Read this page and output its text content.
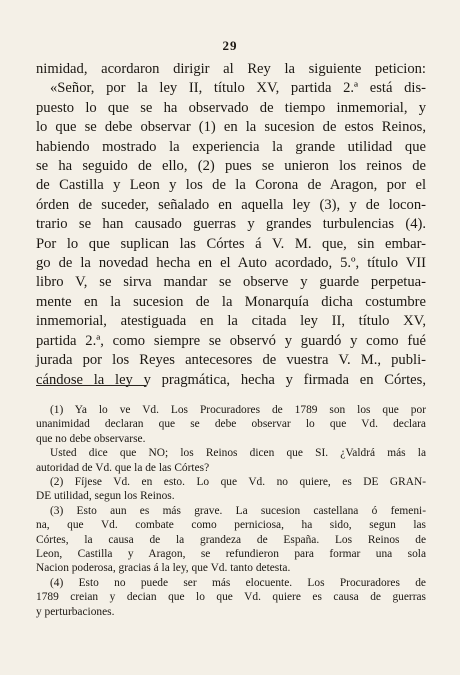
29
nimidad, acordaron dirigir al Rey la siguiente peticion:
«Señor, por la ley II, título XV, partida 2.ª está dis-
puesto lo que se ha observado de tiempo inmemorial, y
lo que se debe observar (1) en la sucesion de estos Reinos,
habiendo mostrado la experiencia la grande utilidad que
se ha seguido de ello, (2) pues se unieron los reinos de
de Castilla y Leon y los de la Corona de Aragon, por el
órden de suceder, señalado en aquella ley (3), y de locon-
trario se han causado guerras y grandes turbulencias (4).
Por lo que suplican las Córtes á V. M. que, sin embar-
go de la novedad hecha en el Auto acordado, 5.º, título VII
libro V, se sirva mandar se observe y guarde perpetua-
mente en la sucesion de la Monarquía dicha costumbre
inmemorial, atestiguada en la citada ley II, título XV,
partida 2.ª, como siempre se observó y guardó y como fué
jurada por los Reyes antecesores de vuestra V. M., publi-
cándose la ley y pragmática, hecha y firmada en Córtes,
(1) Ya lo ve Vd. Los Procuradores de 1789 son los que por
unanimidad declaran que se debe observar lo que Vd. declara
que no debe observarse.
Usted dice que NO; los Reinos dicen que SI. ¿Valdrá más la
autoridad de Vd. que la de las Córtes?
(2) Fíjese Vd. en esto. Lo que Vd. no quiere, es DE GRAN-
DE utilidad, segun los Reinos.
(3) Esto aun es más grave. La sucesion castellana ó femeni-
na, que Vd. combate como perniciosa, ha sido, segun las
Córtes, la causa de la grandeza de España. Los Reinos de
Leon, Castilla y Aragon, se refundieron para formar una sola
Nacion poderosa, gracias á la ley, que Vd. tanto detesta.
(4) Esto no puede ser más elocuente. Los Procuradores de
1789 creian y decian que lo que Vd. quiere es causa de guerras
y perturbaciones.
